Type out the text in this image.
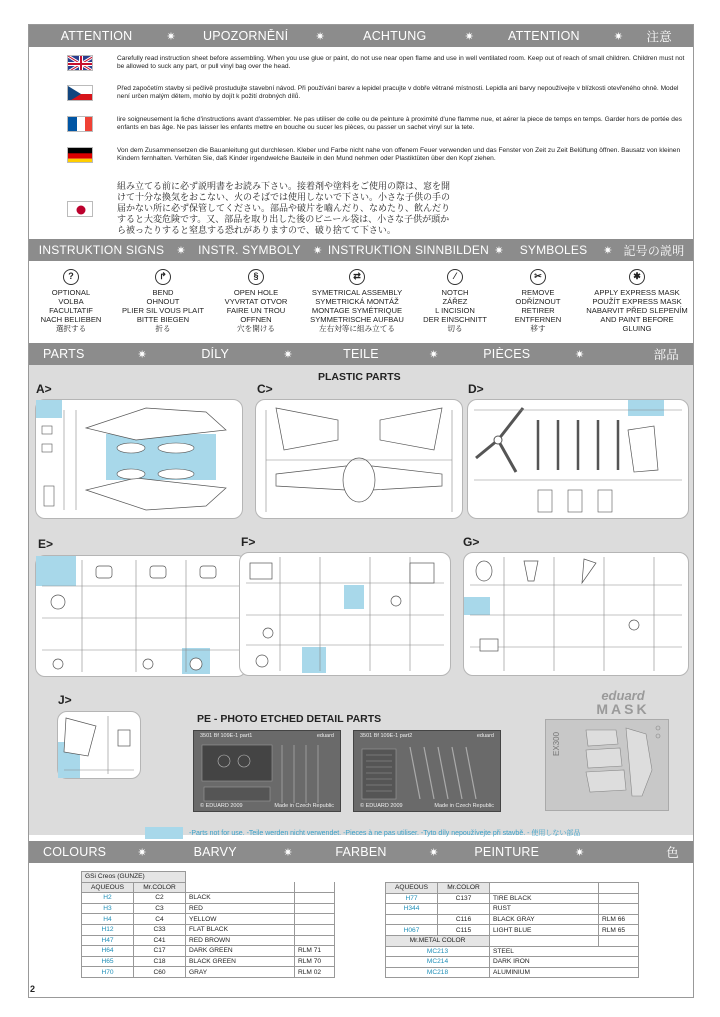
ATTENTION	✷	UPOZORNĚNÍ	✷	ACHTUNG	✷	ATTENTION	✷	注意
Carefully read instruction sheet before assembling. When you use glue or paint, do not use near open flame and use in well ventilated room. Keep out of reach of small children. Children must not be allowed to suck any part, or pull vinyl bag over the head.
Před započetím stavby si pečlivě prostudujte stavební návod. Při používání barev a lepidel pracujte v dobře větrané místnosti. Lepidla ani barvy nepoužívejte v blízkosti otevřeného ohně. Model není určen malým dětem, mohlo by dojít k požití drobných dílů.
lire soigneusement la fiche d'instructions avant d'assembler. Ne pas utiliser de colle ou de peinture à proximité d'une flamme nue, et aérer la piece de temps en temps. Garder hors de portée des enfants en bas âge. Ne pas laisser les enfants mettre en bouche ou sucer les pièces, ou passer un sachet vinyl sur la tete.
Von dem Zusammensetzen die Bauanleitung gut durchlesen. Kleber und Farbe nicht nahe von offenem Feuer verwenden und das Fenster von Zeit zu Zeit Belüftung öffnen. Bausatz von kleinen Kindern fernhalten. Verhüten Sie, daß Kinder irgendwelche Bauteile in den Mund nehmen oder Plastiktüten über den Kopf ziehen.
組み立てる前に必ず説明書をお読み下さい。接着剤や塗料をご使用の際は、窓を開けて十分な換気をおこない、火のそばでは使用しないで下さい。小さな子供の手の届かない所に必ず保管してください。部品や破片を嚙んだり、なめたり、飲んだりすると大変危険です。又、部品を取り出した後のビニール袋は、小さな子供が頭から被ったりすると窒息する恐れがありますので、破り捨てて下さい。
INSTRUKTION SIGNS	✷	INSTR. SYMBOLY	✷ INSTRUKTION SINNBILDEN ✷	SYMBOLES	✷ 記号の説明
?
OPTIONAL
VOLBA
FACULTATIF
NACH BELIEBEN
選択する
↱
BEND
OHNOUT
PLIER SIL VOUS PLAIT
BITTE BIEGEN
折る
§
OPEN HOLE
VYVRTAT OTVOR
FAIRE UN TROU
OFFNEN
穴を開ける
⇄
SYMETRICAL ASSEMBLY
SYMETRICKÁ MONTÁŽ
MONTAGE SYMÉTRIQUE
SYMMETRISCHE AUFBAU
左右対等に組み立てる
⁄
NOTCH
ZÁŘEZ
L INCISION
DER EINSCHNITT
切る
✂
REMOVE
ODŘÍZNOUT
RETIRER
ENTFERNEN
移す
✱
APPLY EXPRESS MASK
POUŽÍT EXPRESS MASK
NABARVIT PŘED SLEPENÍM
AND PAINT BEFORE
GLUING
PARTS	✷	DÍLY	✷	TEILE	✷	PIÈCES	✷	部品
PLASTIC PARTS
A>	C>	D>
E>	F>	G>
J>
PE - PHOTO ETCHED DETAIL PARTS
3501 Bf 109E-1 part1	eduard
© EDUARD 2009	Made in Czech Republic
3501 Bf 109E-1 part2	eduard
© EDUARD 2009	Made in Czech Republic
eduard
MASK
EX300
-Parts not for use. -Teile werden nicht verwendet. -Pieces à ne pas utiliser. -Tyto díly nepoužívejte při stavbě. - 使用しない部品
COLOURS	✷	BARVY	✷	FARBEN	✷	PEINTURE	✷	色
GSi Creos (GUNZE)			
AQUEOUS	Mr.COLOR		
H2	C2	BLACK	
H3	C3	RED	
H4	C4	YELLOW	
H12	C33	FLAT BLACK	
H47	C41	RED BROWN	
H64	C17	DARK GREEN	RLM 71
H65	C18	BLACK GREEN	RLM 70
H70	C60	GRAY	RLM 02
AQUEOUS	Mr.COLOR		
H77	C137	TIRE BLACK	
H344		RUST	
	C116	BLACK GRAY	RLM 66
H067	C115	LIGHT BLUE	RLM 65
Mr.METAL COLOR			
MC213		STEEL	
MC214		DARK IRON	
MC218		ALUMINIUM	
2
